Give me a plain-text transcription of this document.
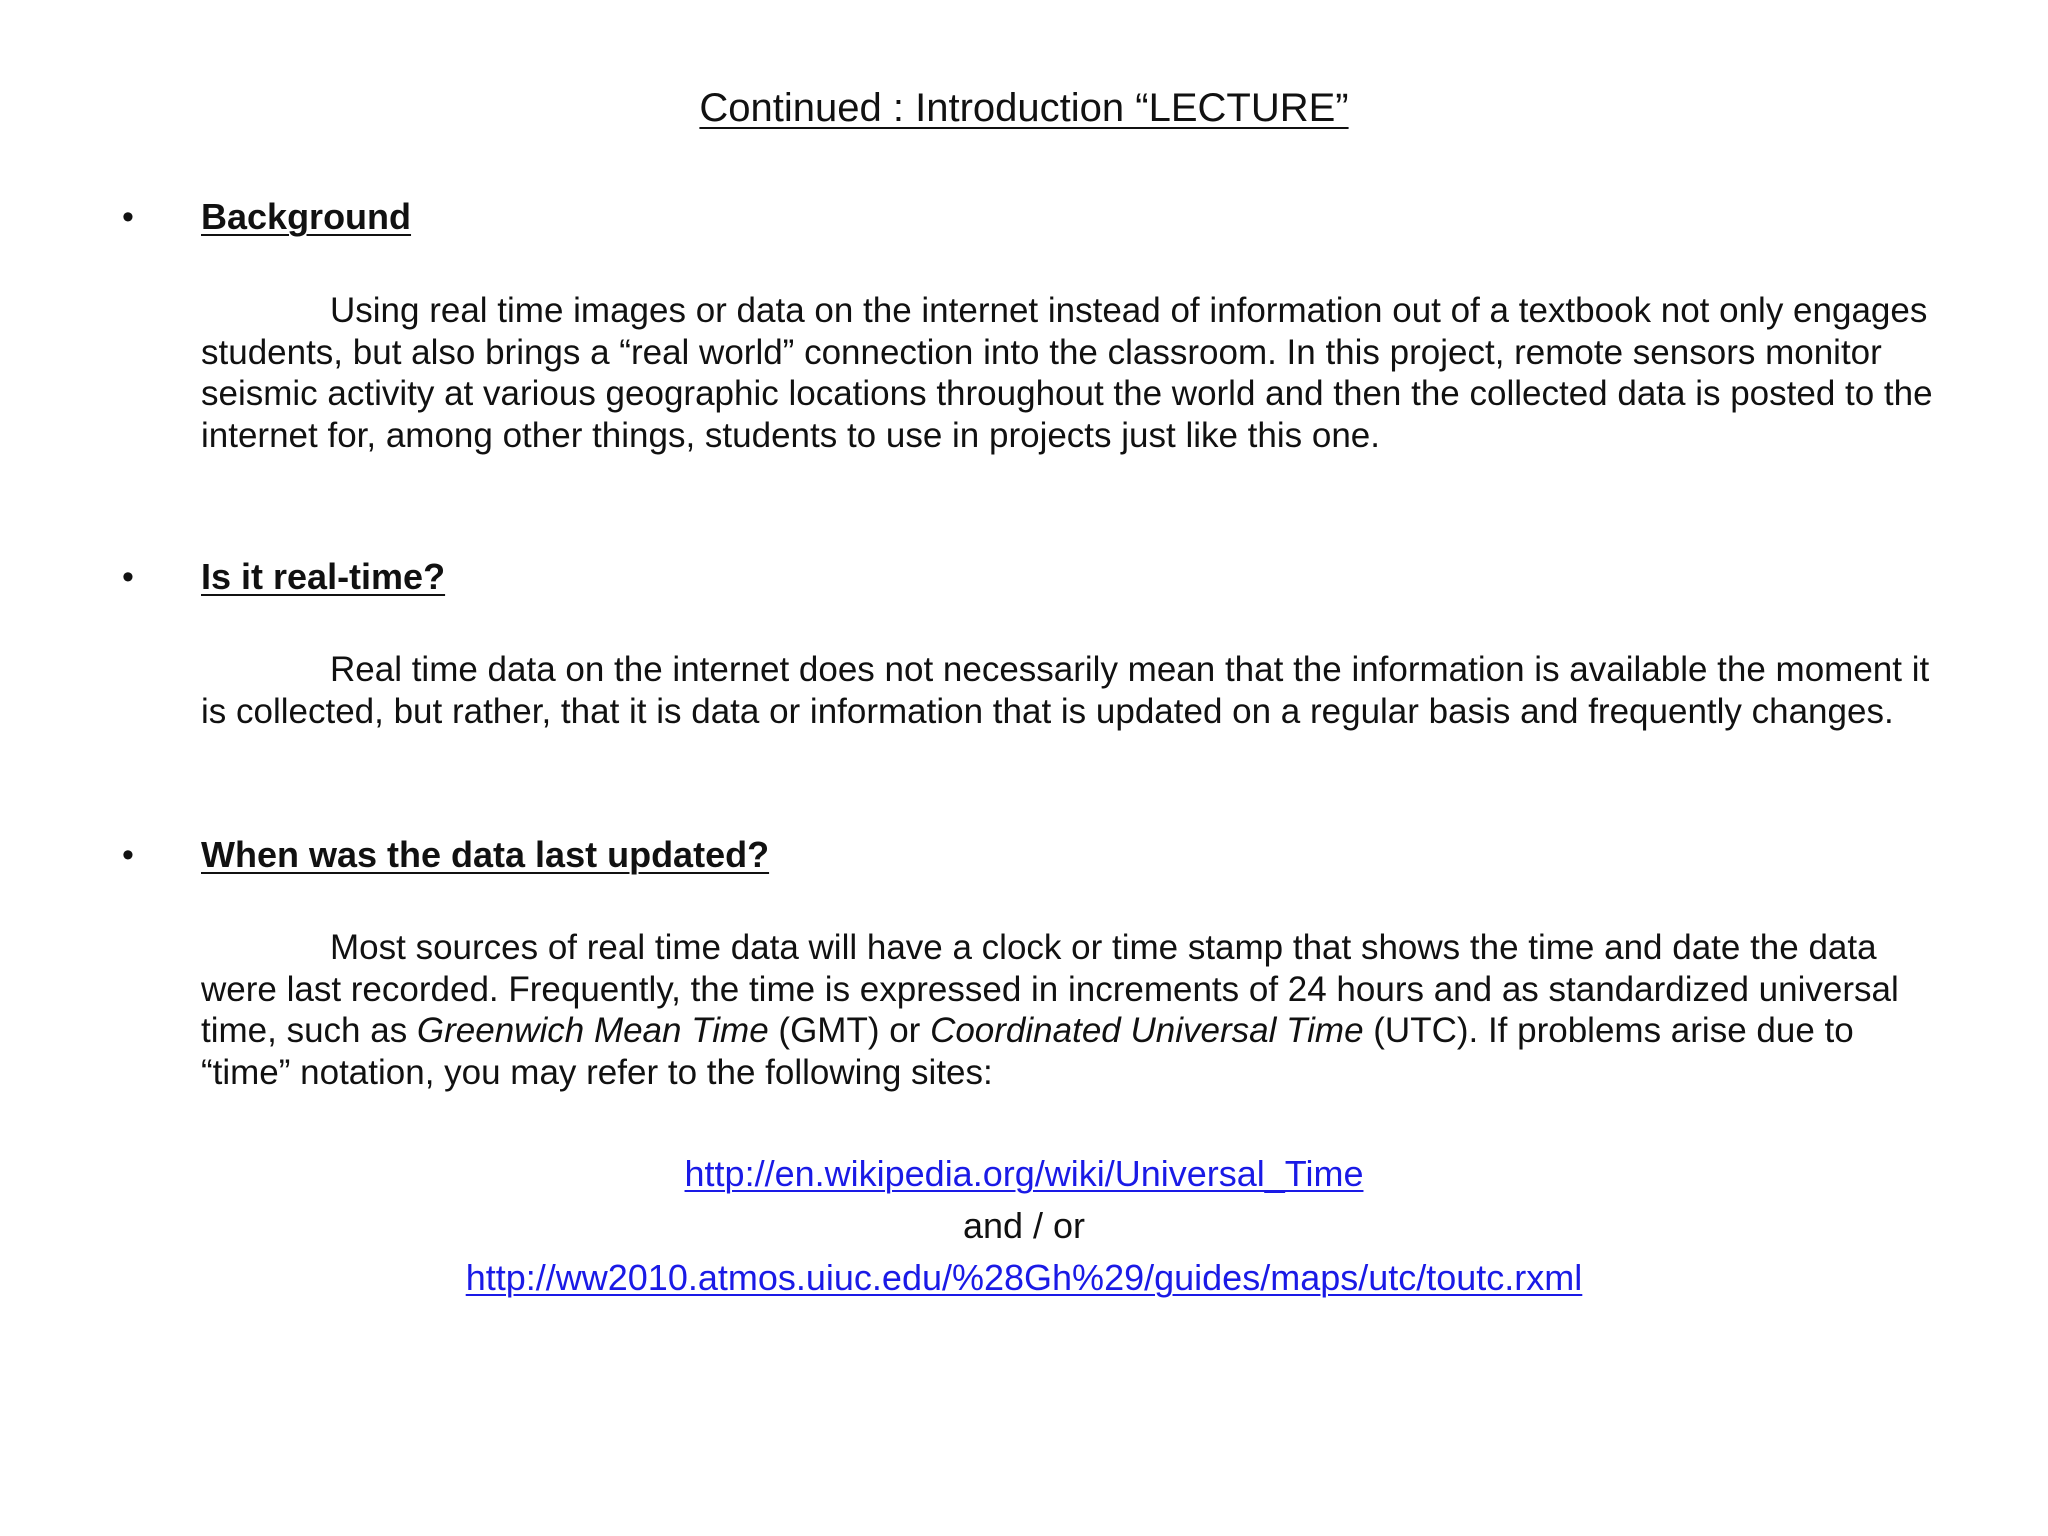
Continued : Introduction “LECTURE”
• Background
Using real time images or data on the internet instead of information out of a textbook not only engages students, but also brings a “real world” connection into the classroom. In this project, remote sensors monitor seismic activity at various geographic locations throughout the world and then the collected data is posted to the internet for, among other things, students to use in projects just like this one.
• Is it real-time?
Real time data on the internet does not necessarily mean that the information is available the moment it is collected, but rather, that it is data or information that is updated on a regular basis and frequently changes.
• When was the data last updated?
Most sources of real time data will have a clock or time stamp that shows the time and date the data were last recorded. Frequently, the time is expressed in increments of 24 hours and as standardized universal time, such as Greenwich Mean Time (GMT) or Coordinated Universal Time (UTC). If problems arise due to “time” notation, you may refer to the following sites:
http://en.wikipedia.org/wiki/Universal_Time
and / or
http://ww2010.atmos.uiuc.edu/%28Gh%29/guides/maps/utc/toutc.rxml
